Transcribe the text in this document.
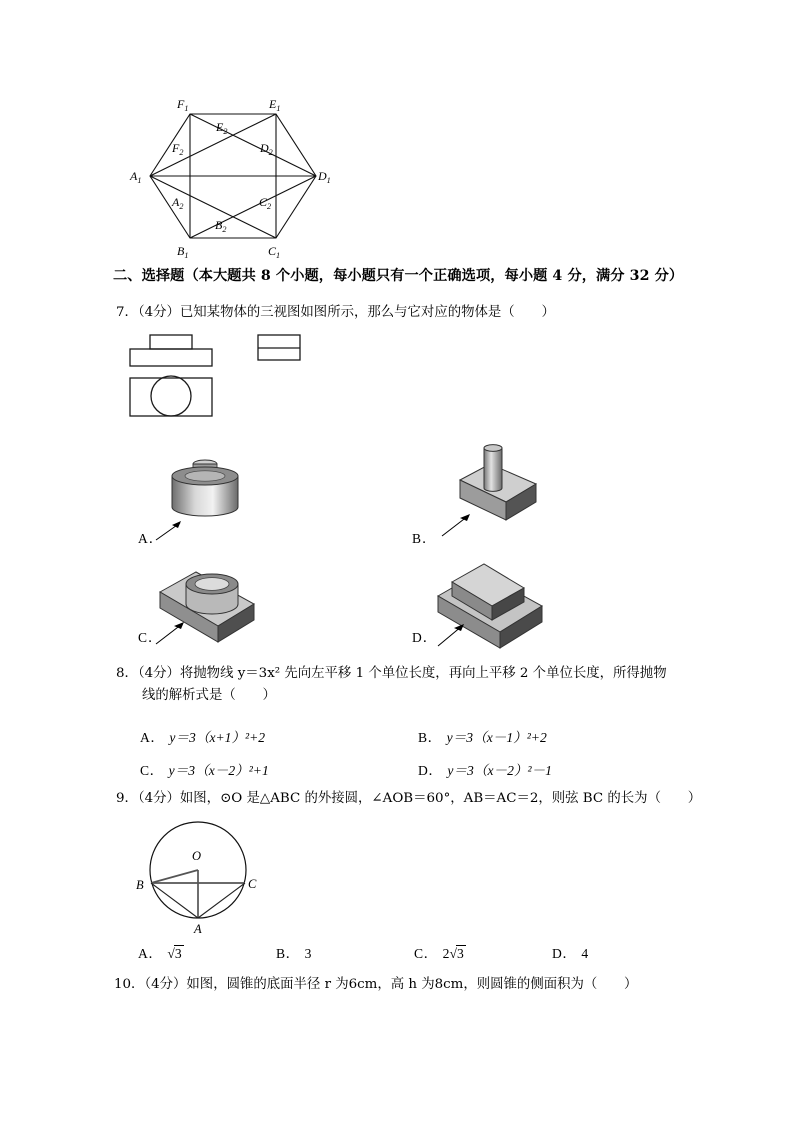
$F_1$	$E_1$
$A_1$	$D_1$
$B_1$	$C_1$
$E_2$
$F_2$	$D_2$
$A_2$	$C_2$
$B_2$
二、选择题（本大题共 8 个小题，每小题只有一个正确选项，每小题 4 分，满分 32 分）
7．（4分）已知某物体的三视图如图所示，那么与它对应的物体是（　　）
A．	B．
C．	D．
8．（4分）将抛物线 y＝3x² 先向左平移 1 个单位长度，再向上平移 2 个单位长度，所得抛物
线的解析式是（　　）
A． y＝3（x+1）²+2	B． y＝3（x－1）²+2
C． y＝3（x－2）²+1	D． y＝3（x－2）²－1
9．（4分）如图，⊙O 是△ABC 的外接圆，∠AOB＝60°，AB＝AC＝2，则弦 BC 的长为（　　）
O
B	C
A
A． √3	B． 3	C． 2√3	D． 4
10．（4分）如图，圆锥的底面半径 r 为6cm，高 h 为8cm，则圆锥的侧面积为（　　）
